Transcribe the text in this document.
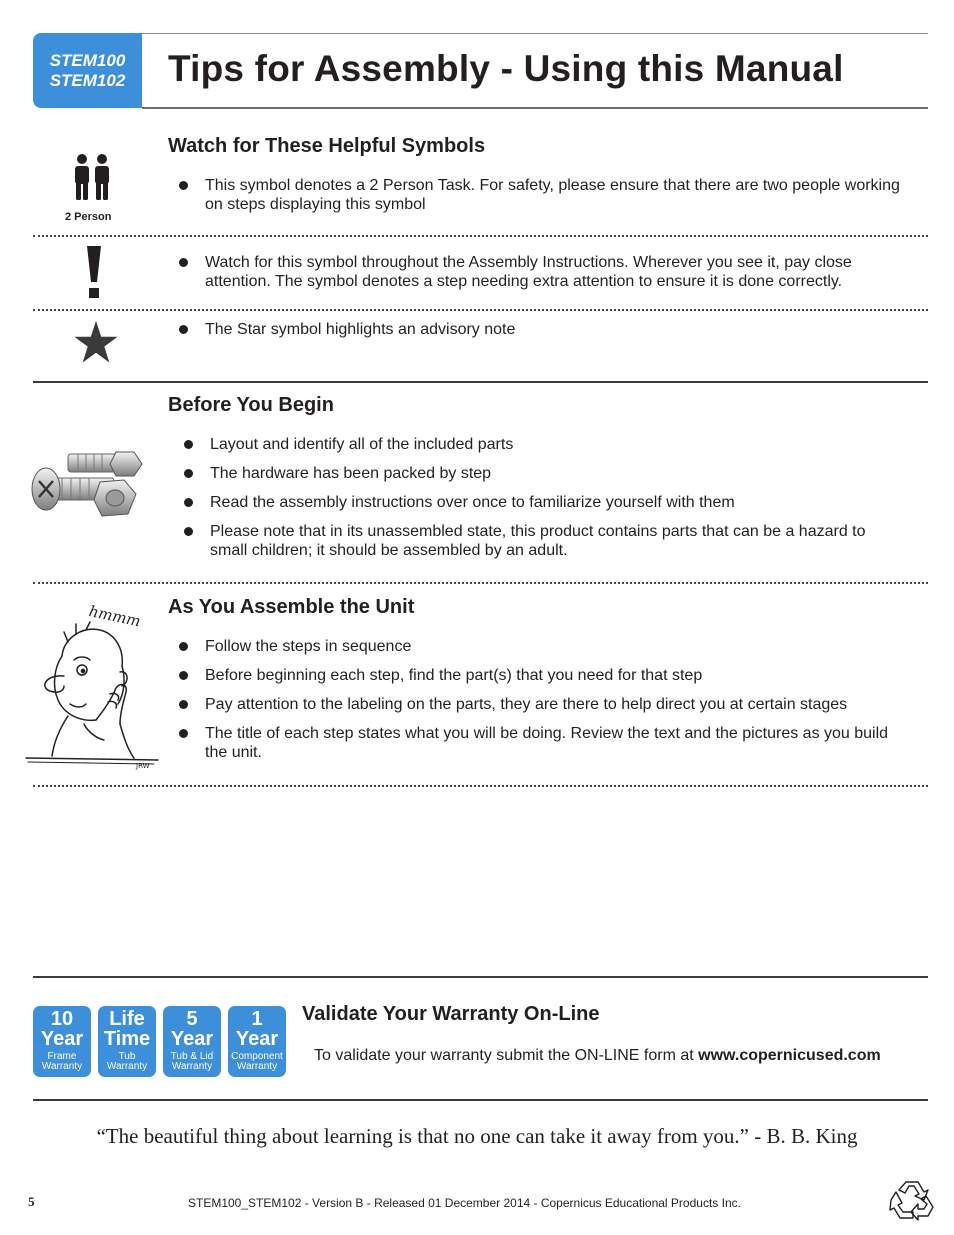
STEM100
STEM102 Tips for Assembly - Using this Manual
Watch for These Helpful Symbols
2 Person
This symbol denotes a 2 Person Task. For safety, please ensure that there are two people working on steps displaying this symbol
Watch for this symbol throughout the Assembly Instructions. Wherever you see it, pay close attention. The symbol denotes a step needing extra attention to ensure it is done correctly.
The Star symbol highlights an advisory note
Before You Begin
Layout and identify all of the included parts
The hardware has been packed by step
Read the assembly instructions over once to familiarize yourself with them
Please note that in its unassembled state, this product contains parts that can be a hazard to small children; it should be assembled by an adult.
As You Assemble the Unit
hmmm
JRW
Follow the steps in sequence
Before beginning each step, find the part(s) that you need for that step
Pay attention to the labeling on the parts, they are there to help direct you at certain stages
The title of each step states what you will be doing. Review the text and the pictures as you build the unit.
10
Year
Frame
Warranty
Life
Time
Tub
Warranty
5
Year
Tub & Lid
Warranty
1
Year
Component
Warranty
Validate Your Warranty On-Line
To validate your warranty submit the ON-LINE form at www.copernicused.com
“The beautiful thing about learning is that no one can take it away from you.” - B. B. King
5	STEM100_STEM102 - Version B - Released 01 December 2014 - Copernicus Educational Products Inc.
